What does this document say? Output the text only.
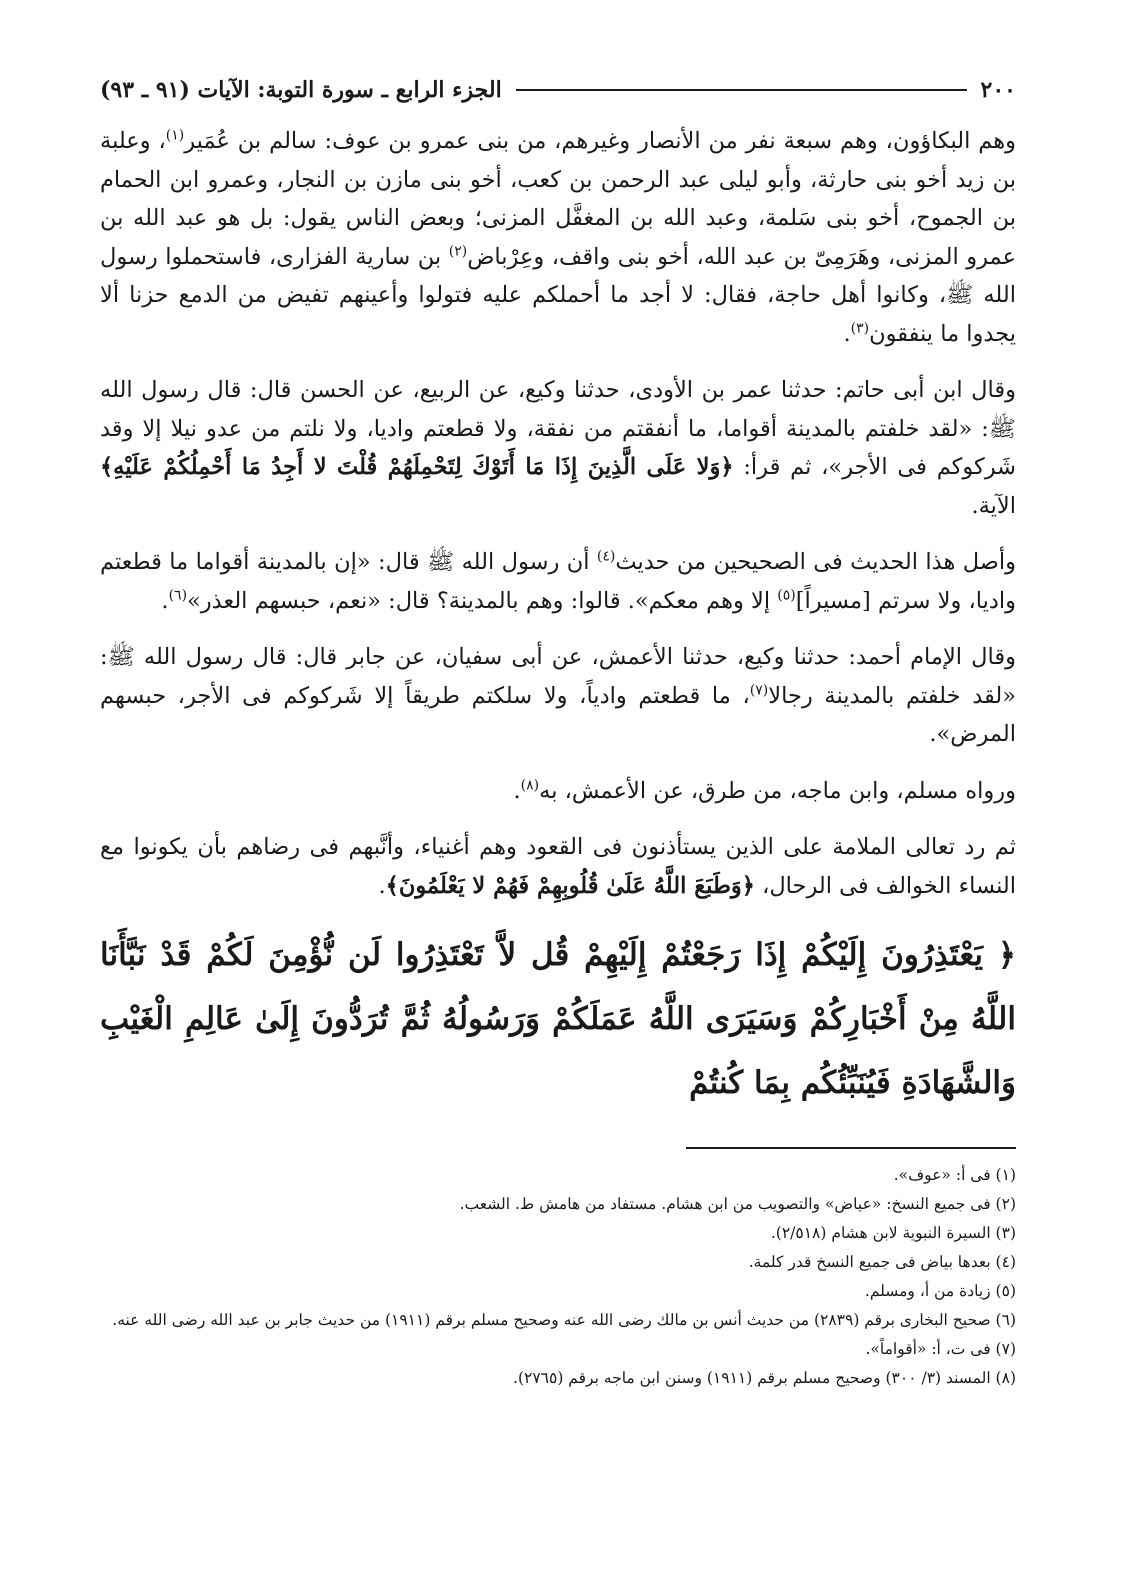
٢٠٠
الجزء الرابع ـ سورة التوبة: الآيات (٩١ ـ ٩٣)

وهم البكاؤون، وهم سبعة نفر من الأنصار وغيرهم، من بنى عمرو بن عوف: سالم بن عُمَير$^{(١)}$، وعلبة بن زيد أخو بنى حارثة، وأبو ليلى عبد الرحمن بن كعب، أخو بنى مازن بن النجار، وعمرو ابن الحمام بن الجموح، أخو بنى سَلمة، وعبد الله بن المغفَّل المزنى؛ وبعض الناس يقول: بل هو عبد الله بن عمرو المزنى، وهَرَمِىّ بن عبد الله، أخو بنى واقف، وعِرْباض$^{(٢)}$ بن سارية الفزارى، فاستحملوا رسول الله ﷺ، وكانوا أهل حاجة، فقال: لا أجد ما أحملكم عليه فتولوا وأعينهم تفيض من الدمع حزنا ألا يجدوا ما ينفقون$^{(٣)}$.

وقال ابن أبى حاتم: حدثنا عمر بن الأودى، حدثنا وكيع، عن الربيع، عن الحسن قال: قال رسول الله ﷺ: «لقد خلفتم بالمدينة أقواما، ما أنفقتم من نفقة، ولا قطعتم واديا، ولا نلتم من عدو نيلا إلا وقد شَركوكم فى الأجر»، ثم قرأ: ﴿وَلا عَلَى الَّذِينَ إِذَا مَا أَتَوْكَ لِتَحْمِلَهُمْ قُلْتَ لا أَجِدُ مَا أَحْمِلُكُمْ عَلَيْهِ﴾ الآية.

وأصل هذا الحديث فى الصحيحين من حديث$^{(٤)}$ أن رسول الله ﷺ قال: «إن بالمدينة أقواما ما قطعتم واديا، ولا سرتم [مسيراً]$^{(٥)}$ إلا وهم معكم». قالوا: وهم بالمدينة؟ قال: «نعم، حبسهم العذر»$^{(٦)}$.

وقال الإمام أحمد: حدثنا وكيع، حدثنا الأعمش، عن أبى سفيان، عن جابر قال: قال رسول الله ﷺ: «لقد خلفتم بالمدينة رجالا$^{(٧)}$، ما قطعتم وادياً، ولا سلكتم طريقاً إلا شَركوكم فى الأجر، حبسهم المرض».

ورواه مسلم، وابن ماجه، من طرق، عن الأعمش، به$^{(٨)}$.

ثم رد تعالى الملامة على الذين يستأذنون فى القعود وهم أغنياء، وأنَّبهم فى رضاهم بأن يكونوا مع النساء الخوالف فى الرحال، ﴿وَطَبَعَ اللَّهُ عَلَىٰ قُلُوبِهِمْ فَهُمْ لا يَعْلَمُونَ﴾.

﴿ يَعْتَذِرُونَ إِلَيْكُمْ إِذَا رَجَعْتُمْ إِلَيْهِمْ قُل لاَّ تَعْتَذِرُوا لَن نُّؤْمِنَ لَكُمْ قَدْ نَبَّأَنَا اللَّهُ مِنْ أَخْبَارِكُمْ وَسَيَرَى اللَّهُ عَمَلَكُمْ وَرَسُولُهُ ثُمَّ تُرَدُّونَ إِلَىٰ عَالِمِ الْغَيْبِ وَالشَّهَادَةِ فَيُنَبِّئُكُم بِمَا كُنتُمْ

(١) فى أ: «عوف».

(٢) فى جميع النسخ: «عياض» والتصويب من ابن هشام. مستفاد من هامش ط. الشعب.

(٣) السيرة النبوية لابن هشام (٢/٥١٨).

(٤) بعدها بياض فى جميع النسخ قدر كلمة.

(٥) زيادة من أ، ومسلم.

(٦) صحيح البخارى برقم (٢٨٣٩) من حديث أنس بن مالك رضى الله عنه وصحيح مسلم برقم (١٩١١) من حديث جابر بن عبد الله رضى الله عنه.

(٧) فى ت، أ: «أقواماً».

(٨) المسند (٣/ ٣٠٠) وصحيح مسلم برقم (١٩١١) وسنن ابن ماجه برقم (٢٧٦٥).
